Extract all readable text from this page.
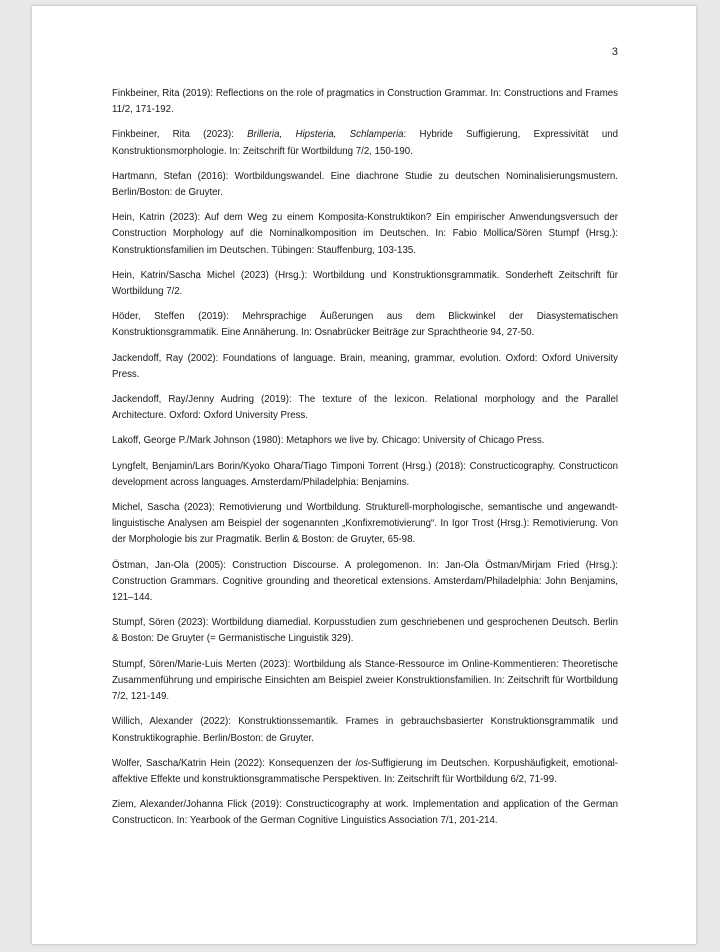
3

Finkbeiner, Rita (2019): Reflections on the role of pragmatics in Construction Grammar. In: Constructions and Frames 11/2, 171-192.

Finkbeiner, Rita (2023): Brilleria, Hipsteria, Schlamperia: Hybride Suffigierung, Expressivität und Konstruktionsmorphologie. In: Zeitschrift für Wortbildung 7/2, 150-190.

Hartmann, Stefan (2016): Wortbildungswandel. Eine diachrone Studie zu deutschen Nominalisierungsmustern. Berlin/Boston: de Gruyter.

Hein, Katrin (2023): Auf dem Weg zu einem Komposita-Konstruktikon? Ein empirischer Anwendungsversuch der Construction Morphology auf die Nominalkomposition im Deutschen. In: Fabio Mollica/Sören Stumpf (Hrsg.): Konstruktionsfamilien im Deutschen. Tübingen: Stauffenburg, 103-135.

Hein, Katrin/Sascha Michel (2023) (Hrsg.): Wortbildung und Konstruktionsgrammatik. Sonderheft Zeitschrift für Wortbildung 7/2.

Höder, Steffen (2019): Mehrsprachige Äußerungen aus dem Blickwinkel der Diasystematischen Konstruktionsgrammatik. Eine Annäherung. In: Osnabrücker Beiträge zur Sprachtheorie 94, 27-50.

Jackendoff, Ray (2002): Foundations of language. Brain, meaning, grammar, evolution. Oxford: Oxford University Press.

Jackendoff, Ray/Jenny Audring (2019): The texture of the lexicon. Relational morphology and the Parallel Architecture. Oxford: Oxford University Press.

Lakoff, George P./Mark Johnson (1980): Metaphors we live by. Chicago: University of Chicago Press.

Lyngfelt, Benjamin/Lars Borin/Kyoko Ohara/Tiago Timponi Torrent (Hrsg.) (2018): Constructicography. Constructicon development across languages. Amsterdam/Philadelphia: Benjamins.

Michel, Sascha (2023): Remotivierung und Wortbildung. Strukturell-morphologische, semantische und angewandt-linguistische Analysen am Beispiel der sogenannten „Konfixremotivierung“. In Igor Trost (Hrsg.): Remotivierung. Von der Morphologie bis zur Pragmatik. Berlin & Boston: de Gruyter, 65-98.

Östman, Jan-Ola (2005): Construction Discourse. A prolegomenon. In: Jan-Ola Östman/Mirjam Fried (Hrsg.): Construction Grammars. Cognitive grounding and theoretical extensions. Amsterdam/Philadelphia: John Benjamins, 121–144.

Stumpf, Sören (2023): Wortbildung diamedial. Korpusstudien zum geschriebenen und gesprochenen Deutsch. Berlin & Boston: De Gruyter (= Germanistische Linguistik 329).

Stumpf, Sören/Marie-Luis Merten (2023): Wortbildung als Stance-Ressource im Online-Kommentieren: Theoretische Zusammenführung und empirische Einsichten am Beispiel zweier Konstruktionsfamilien. In: Zeitschrift für Wortbildung 7/2, 121-149.

Willich, Alexander (2022): Konstruktionssemantik. Frames in gebrauchsbasierter Konstruktionsgrammatik und Konstruktikographie. Berlin/Boston: de Gruyter.

Wolfer, Sascha/Katrin Hein (2022): Konsequenzen der los-Suffigierung im Deutschen. Korpushäufigkeit, emotional-affektive Effekte und konstruktionsgrammatische Perspektiven. In: Zeitschrift für Wortbildung 6/2, 71-99.

Ziem, Alexander/Johanna Flick (2019): Constructicography at work. Implementation and application of the German Constructicon. In: Yearbook of the German Cognitive Linguistics Association 7/1, 201-214.
